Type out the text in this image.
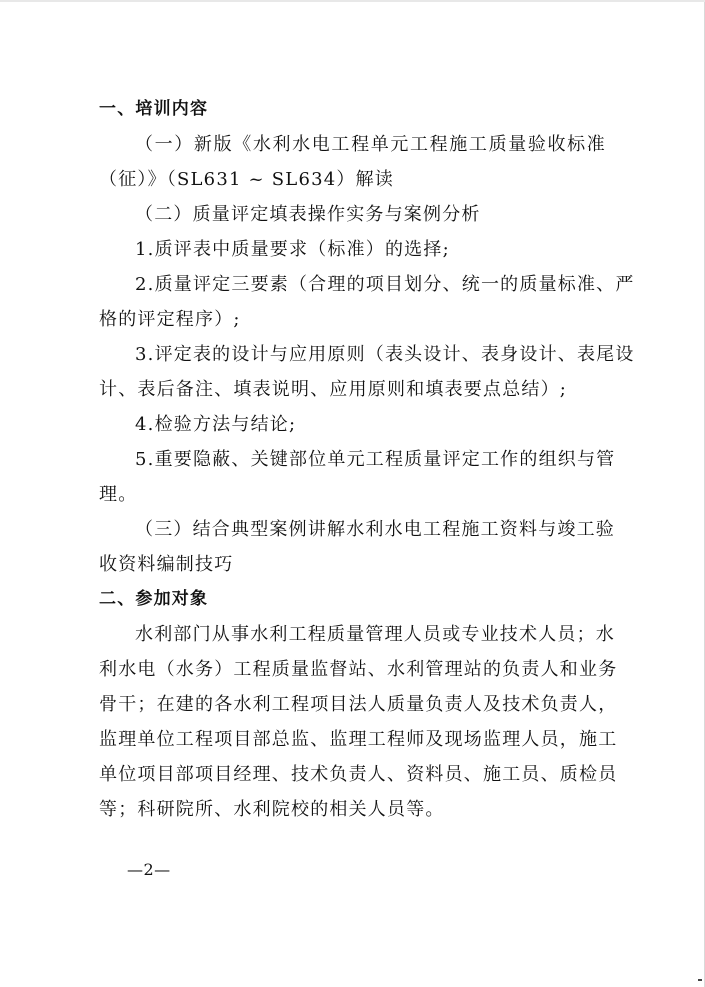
一、培训内容
（一）新版《水利水电工程单元工程施工质量验收标准
（征）》（SL631 ~ SL634）解读
（二）质量评定填表操作实务与案例分析
1.质评表中质量要求（标准）的选择;
2.质量评定三要素（合理的项目划分、统一的质量标准、严
格的评定程序）;
3.评定表的设计与应用原则（表头设计、表身设计、表尾设
计、表后备注、填表说明、应用原则和填表要点总结）;
4.检验方法与结论;
5.重要隐蔽、关键部位单元工程质量评定工作的组织与管
理。
（三）结合典型案例讲解水利水电工程施工资料与竣工验
收资料编制技巧
二、参加对象
水利部门从事水利工程质量管理人员或专业技术人员；水
利水电（水务）工程质量监督站、水利管理站的负责人和业务
骨干；在建的各水利工程项目法人质量负责人及技术负责人，
监理单位工程项目部总监、监理工程师及现场监理人员，施工
单位项目部项目经理、技术负责人、资料员、施工员、质检员
等；科研院所、水利院校的相关人员等。
—2—
